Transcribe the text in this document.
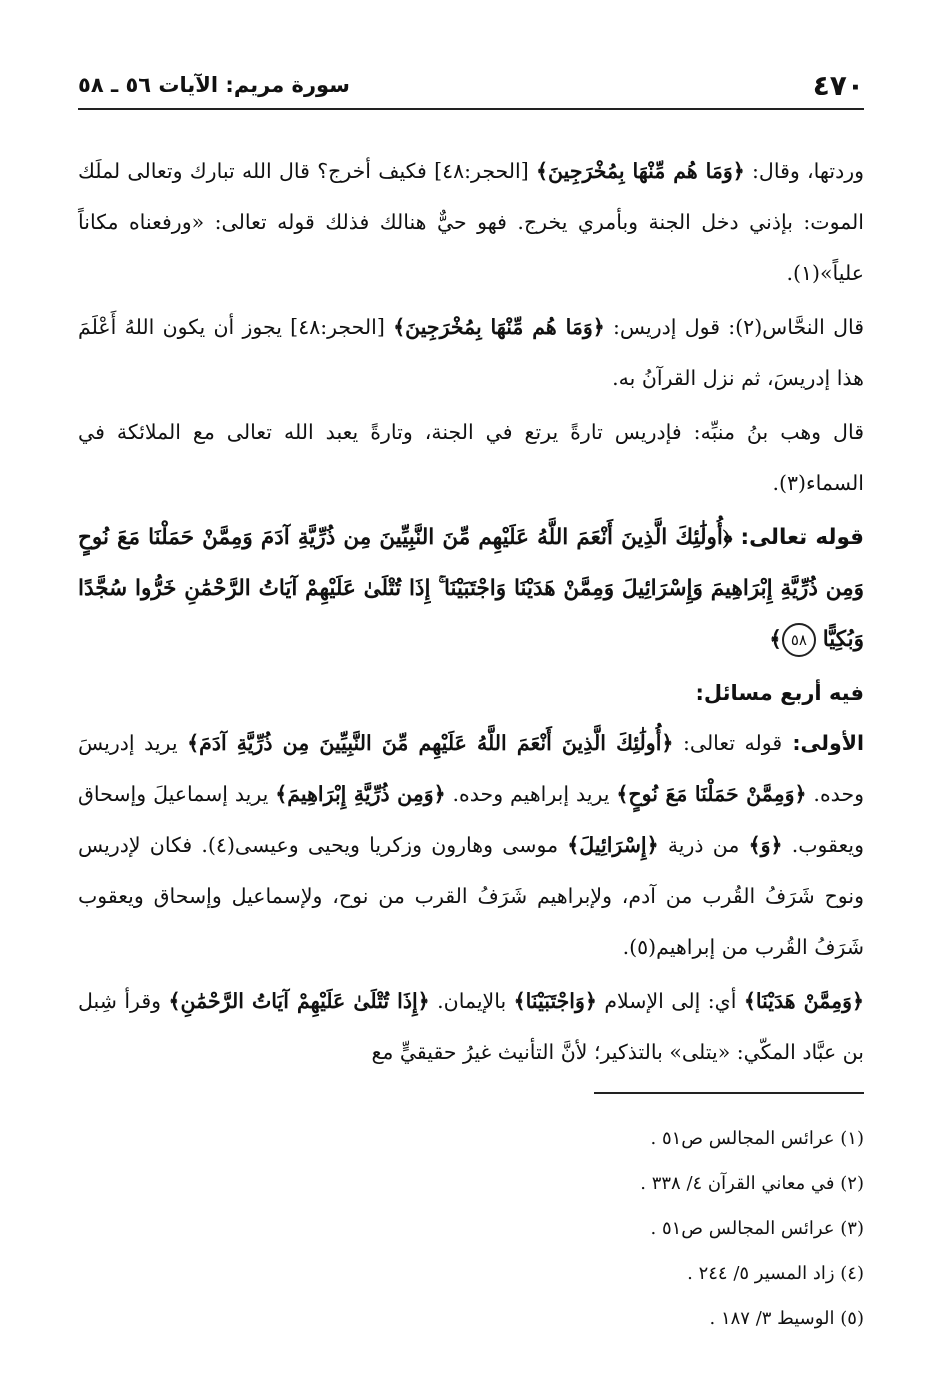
٤٧٠
سورة مريم: الآيات ٥٦ ـ ٥٨

وردتها، وقال: ﴿وَمَا هُم مِّنْهَا بِمُخْرَجِينَ﴾ [الحجر:٤٨] فكيف أخرج؟ قال الله تبارك وتعالى لملَك الموت: بإذني دخل الجنة وبأمري يخرج. فهو حيٌّ هنالك فذلك قوله تعالى: «ورفعناه مكاناً علياً»(١).

قال النحَّاس(٢): قول إدريس: ﴿وَمَا هُم مِّنْهَا بِمُخْرَجِينَ﴾ [الحجر:٤٨] يجوز أن يكون اللهُ أَعْلَمَ هذا إدريسَ، ثم نزل القرآنُ به.

قال وهب بنُ منبِّه: فإدريس تارةً يرتع في الجنة، وتارةً يعبد الله تعالى مع الملائكة في السماء(٣).

قوله تعالى: ﴿أُولَٰئِكَ الَّذِينَ أَنْعَمَ اللَّهُ عَلَيْهِم مِّنَ النَّبِيِّينَ مِن ذُرِّيَّةِ آدَمَ وَمِمَّنْ حَمَلْنَا مَعَ نُوحٍ وَمِن ذُرِّيَّةِ إِبْرَاهِيمَ وَإِسْرَائِيلَ وَمِمَّنْ هَدَيْنَا وَاجْتَبَيْنَا ۚ إِذَا تُتْلَىٰ عَلَيْهِمْ آيَاتُ الرَّحْمَٰنِ خَرُّوا سُجَّدًا وَبُكِيًّا ٥٨﴾

فيه أربع مسائل:

الأولى: قوله تعالى: ﴿أُولَٰئِكَ الَّذِينَ أَنْعَمَ اللَّهُ عَلَيْهِم مِّنَ النَّبِيِّينَ مِن ذُرِّيَّةِ آدَمَ﴾ يريد إدريسَ وحده. ﴿وَمِمَّنْ حَمَلْنَا مَعَ نُوحٍ﴾ يريد إبراهيم وحده. ﴿وَمِن ذُرِّيَّةِ إِبْرَاهِيمَ﴾ يريد إسماعيلَ وإسحاق ويعقوب. ﴿وَ﴾ من ذرية ﴿إِسْرَائِيلَ﴾ موسى وهارون وزكريا ويحيى وعيسى(٤). فكان لإدريس ونوح شَرَفُ القُرب من آدم، ولإبراهيم شَرَفُ القرب من نوح، ولإسماعيل وإسحاق ويعقوب شَرَفُ القُرب من إبراهيم(٥).

﴿وَمِمَّنْ هَدَيْنَا﴾ أي: إلى الإسلام ﴿وَاجْتَبَيْنَا﴾ بالإيمان. ﴿إِذَا تُتْلَىٰ عَلَيْهِمْ آيَاتُ الرَّحْمَٰنِ﴾ وقرأ شِبل بن عبَّاد المكّي: «يتلى» بالتذكير؛ لأنَّ التأنيث غيرُ حقيقيٍّ مع

(١) عرائس المجالس ص٥١ .

(٢) في معاني القرآن ٤/ ٣٣٨ .

(٣) عرائس المجالس ص٥١ .

(٤) زاد المسير ٥/ ٢٤٤ .

(٥) الوسيط ٣/ ١٨٧ .
